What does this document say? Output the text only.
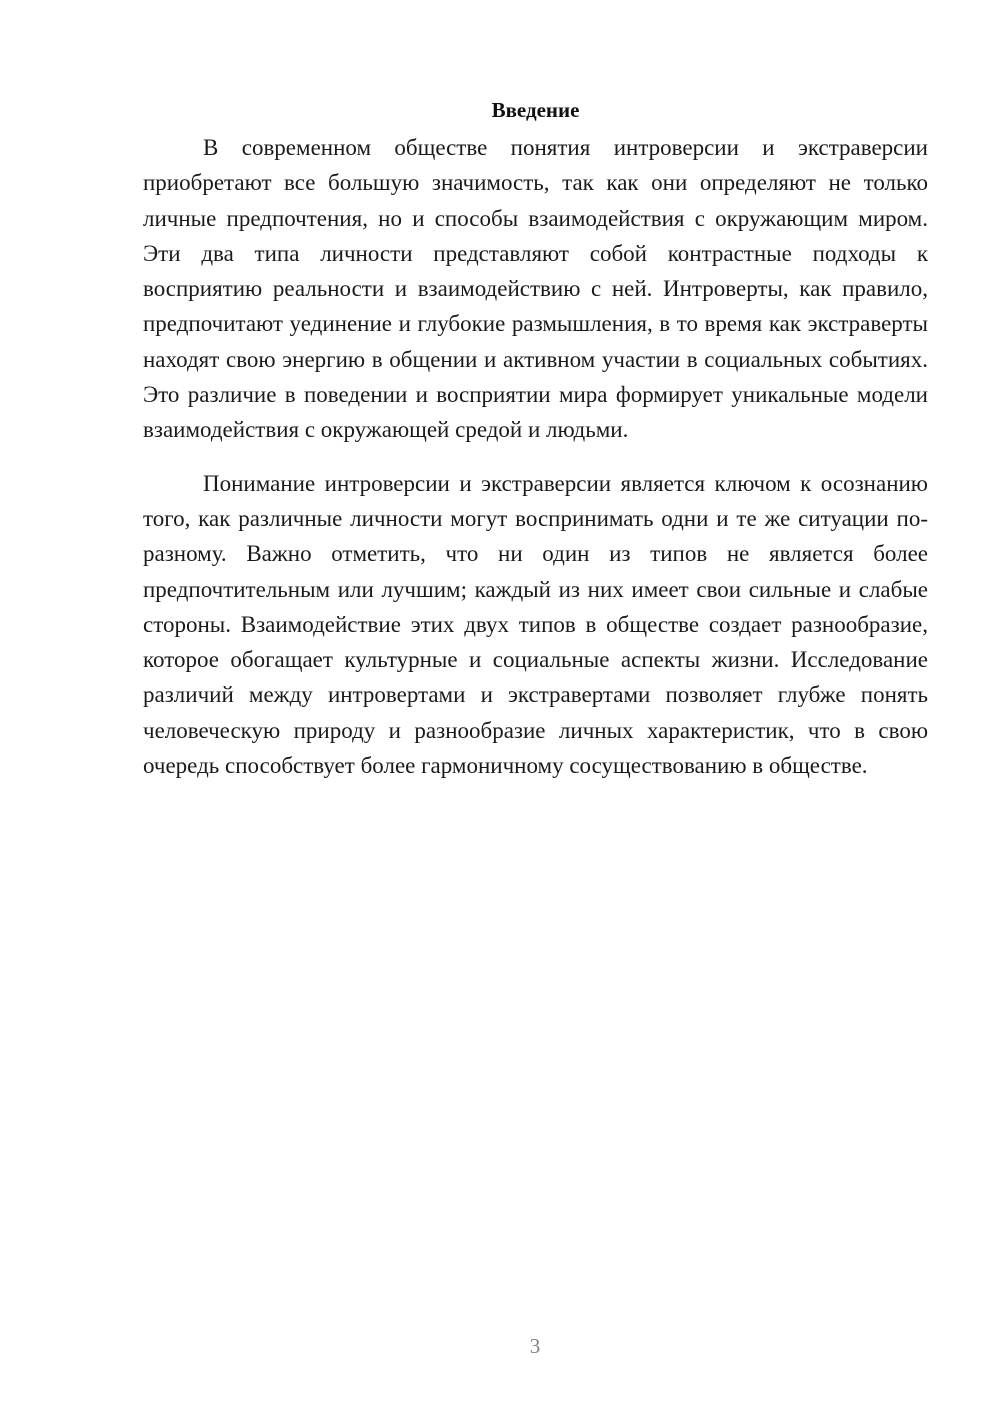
Введение

В современном обществе понятия интроверсии и экстраверсии приобретают все большую значимость, так как они определяют не только личные предпочтения, но и способы взаимодействия с окружающим миром. Эти два типа личности представляют собой контрастные подходы к восприятию реальности и взаимодействию с ней. Интроверты, как правило, предпочитают уединение и глубокие размышления, в то время как экстраверты находят свою энергию в общении и активном участии в социальных событиях. Это различие в поведении и восприятии мира формирует уникальные модели взаимодействия с окружающей средой и людьми.

Понимание интроверсии и экстраверсии является ключом к осознанию того, как различные личности могут воспринимать одни и те же ситуации по-разному. Важно отметить, что ни один из типов не является более предпочтительным или лучшим; каждый из них имеет свои сильные и слабые стороны. Взаимодействие этих двух типов в обществе создает разнообразие, которое обогащает культурные и социальные аспекты жизни. Исследование различий между интровертами и экстравертами позволяет глубже понять человеческую природу и разнообразие личных характеристик, что в свою очередь способствует более гармоничному сосуществованию в обществе.

3
